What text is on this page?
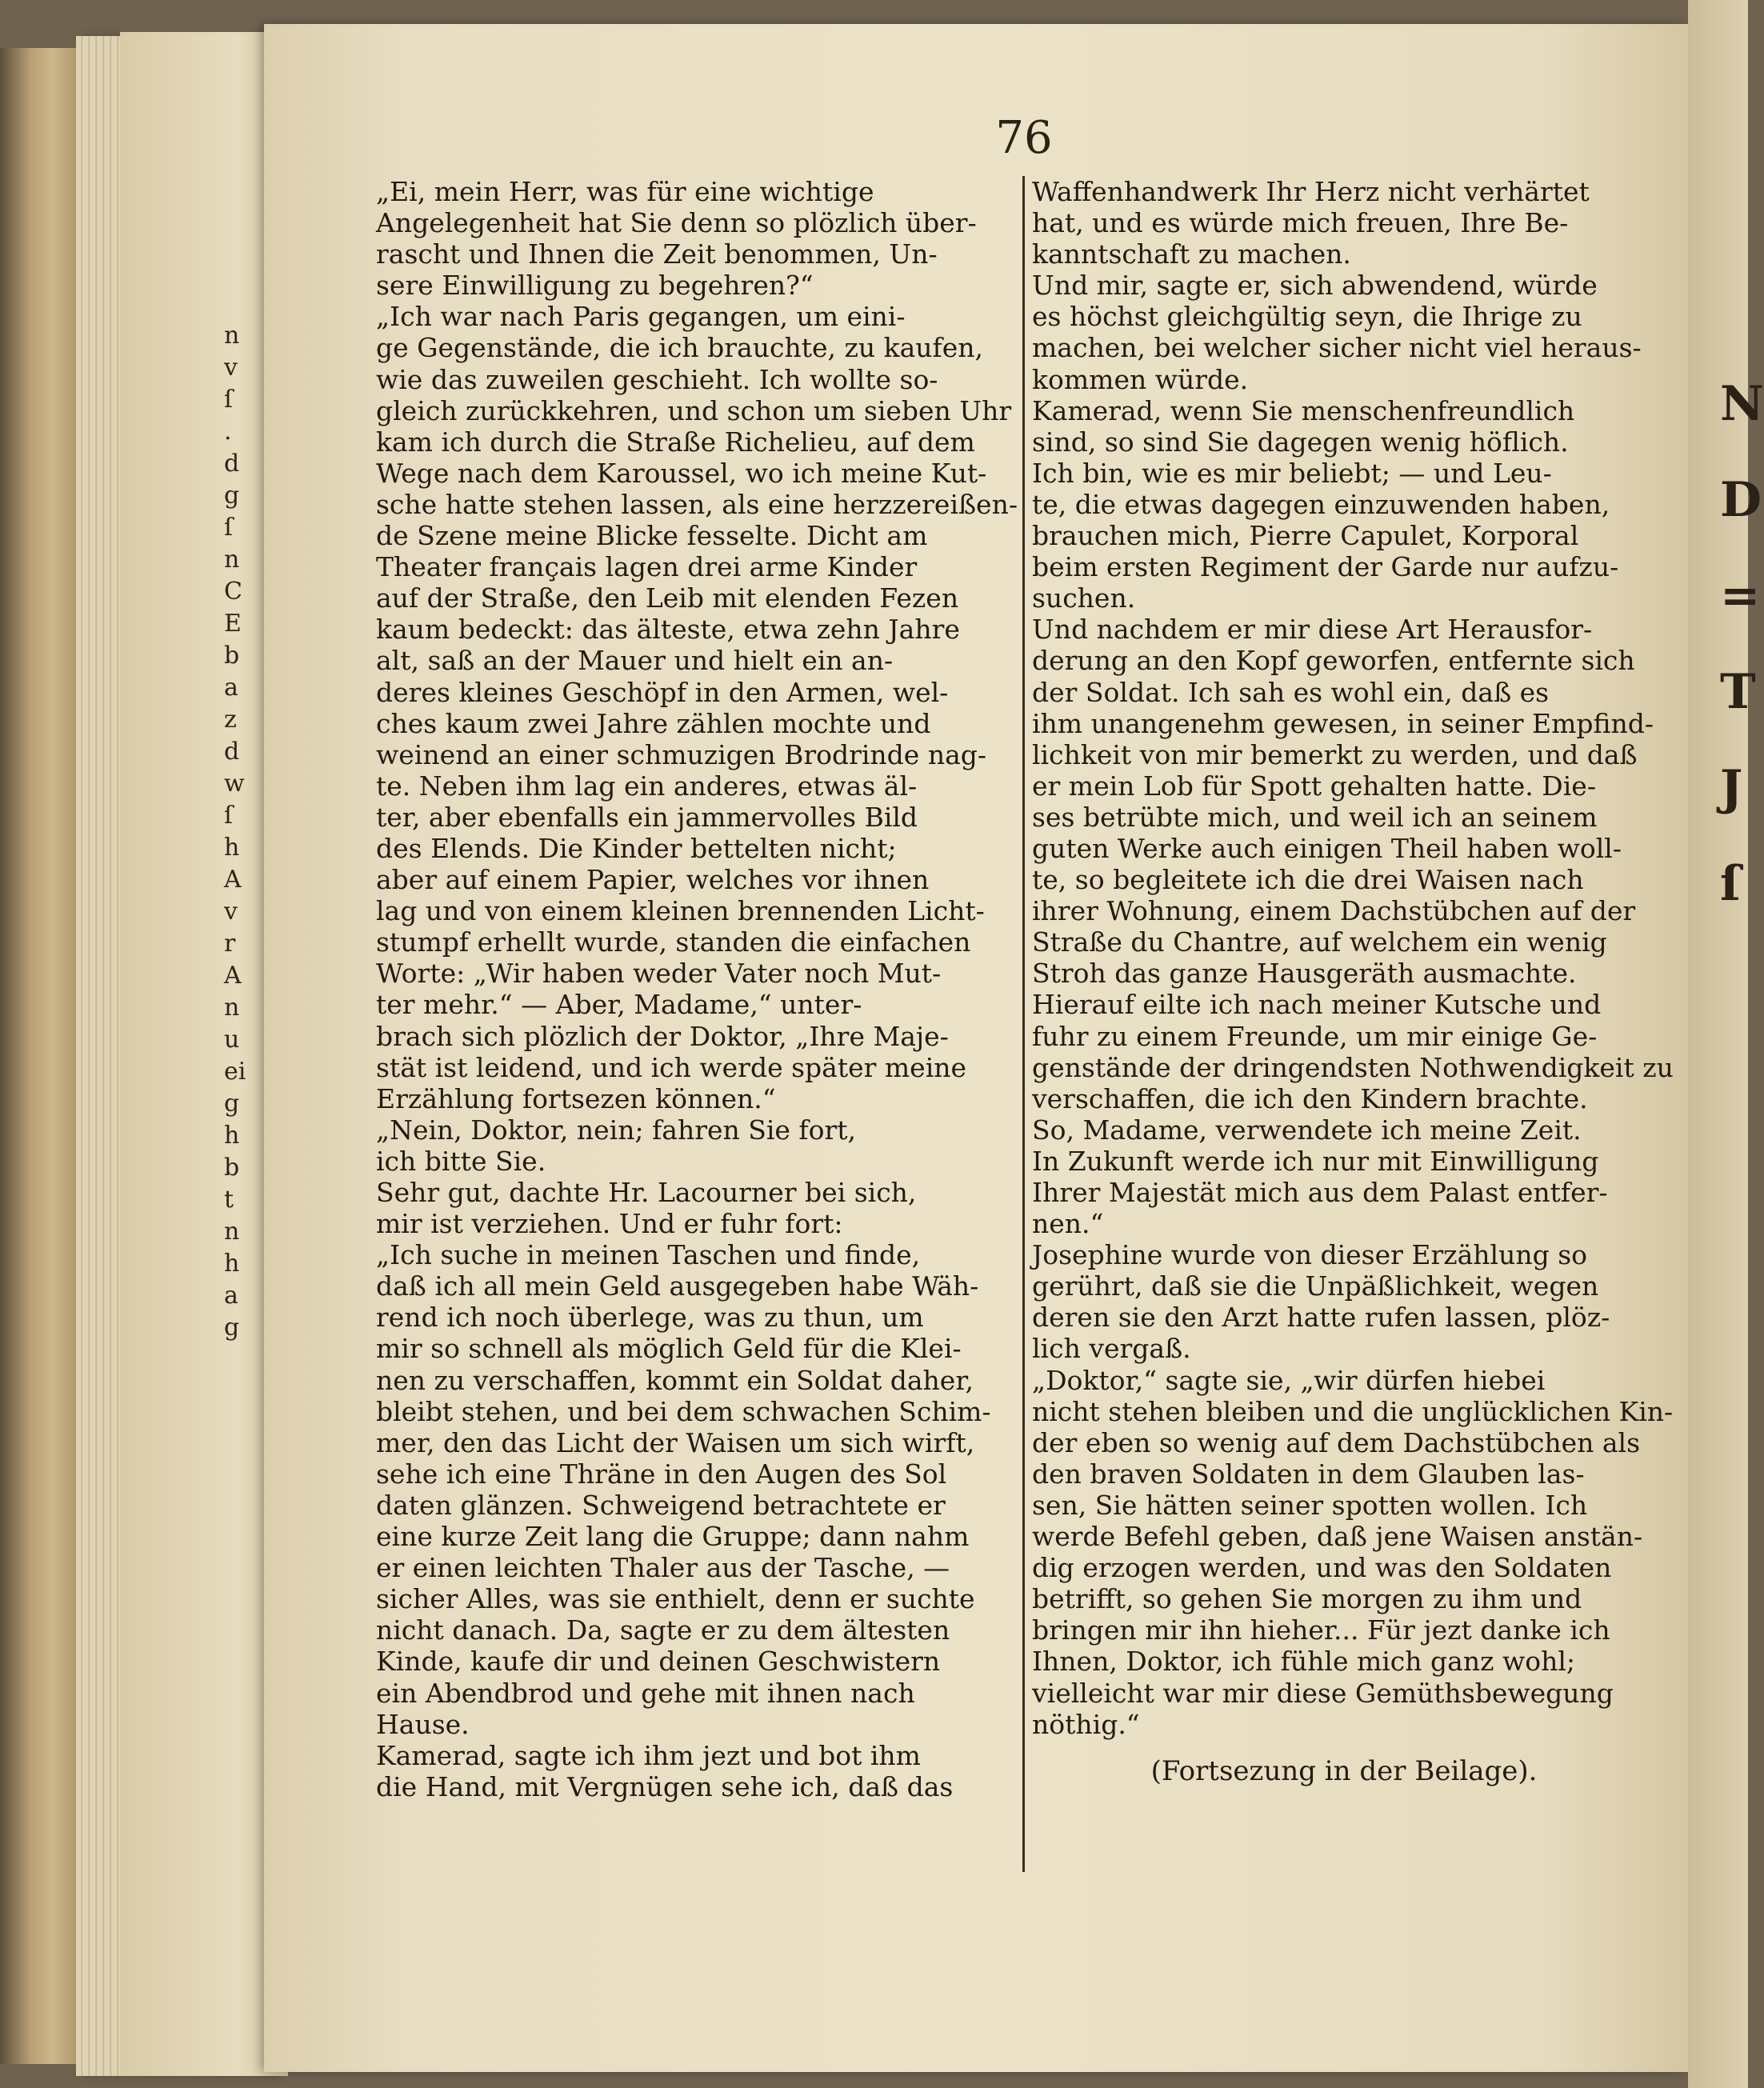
n
v
ſ
.
d
g
ſ
n
C
E
b
a
z
d
w
ſ
h
A
v
r
A
n
u
ei
g
h
b
t
n
h
a
g
N
D
=
T
J
ſ
76
„Ei, mein Herr, was für eine wichtige
Angelegenheit hat Sie denn so plözlich über-
rascht und Ihnen die Zeit benommen, Un-
sere Einwilligung zu begehren?“
„Ich war nach Paris gegangen, um eini-
ge Gegenstände, die ich brauchte, zu kaufen,
wie das zuweilen geschieht. Ich wollte so-
gleich zurückkehren, und schon um sieben Uhr
kam ich durch die Straße Richelieu, auf dem
Wege nach dem Karoussel, wo ich meine Kut-
sche hatte stehen lassen, als eine herzzereißen-
de Szene meine Blicke fesselte. Dicht am
Theater français lagen drei arme Kinder
auf der Straße, den Leib mit elenden Fezen
kaum bedeckt: das älteste, etwa zehn Jahre
alt, saß an der Mauer und hielt ein an-
deres kleines Geschöpf in den Armen, wel-
ches kaum zwei Jahre zählen mochte und
weinend an einer schmuzigen Brodrinde nag-
te. Neben ihm lag ein anderes, etwas äl-
ter, aber ebenfalls ein jammervolles Bild
des Elends. Die Kinder bettelten nicht;
aber auf einem Papier, welches vor ihnen
lag und von einem kleinen brennenden Licht-
stumpf erhellt wurde, standen die einfachen
Worte: „Wir haben weder Vater noch Mut-
ter mehr.“ — Aber, Madame,“ unter-
brach sich plözlich der Doktor, „Ihre Maje-
stät ist leidend, und ich werde später meine
Erzählung fortsezen können.“
„Nein, Doktor, nein; fahren Sie fort,
ich bitte Sie.
Sehr gut, dachte Hr. Lacourner bei sich,
mir ist verziehen. Und er fuhr fort:
„Ich suche in meinen Taschen und finde,
daß ich all mein Geld ausgegeben habe Wäh-
rend ich noch überlege, was zu thun, um
mir so schnell als möglich Geld für die Klei-
nen zu verschaffen, kommt ein Soldat daher,
bleibt stehen, und bei dem schwachen Schim-
mer, den das Licht der Waisen um sich wirft,
sehe ich eine Thräne in den Augen des Sol
daten glänzen. Schweigend betrachtete er
eine kurze Zeit lang die Gruppe; dann nahm
er einen leichten Thaler aus der Tasche, —
sicher Alles, was sie enthielt, denn er suchte
nicht danach. Da, sagte er zu dem ältesten
Kinde, kaufe dir und deinen Geschwistern
ein Abendbrod und gehe mit ihnen nach
Hause.
Kamerad, sagte ich ihm jezt und bot ihm
die Hand, mit Vergnügen sehe ich, daß das
Waffenhandwerk Ihr Herz nicht verhärtet
hat, und es würde mich freuen, Ihre Be-
kanntschaft zu machen.
Und mir, sagte er, sich abwendend, würde
es höchst gleichgültig seyn, die Ihrige zu
machen, bei welcher sicher nicht viel heraus-
kommen würde.
Kamerad, wenn Sie menschenfreundlich
sind, so sind Sie dagegen wenig höflich.
Ich bin, wie es mir beliebt; — und Leu-
te, die etwas dagegen einzuwenden haben,
brauchen mich, Pierre Capulet, Korporal
beim ersten Regiment der Garde nur aufzu-
suchen.
Und nachdem er mir diese Art Herausfor-
derung an den Kopf geworfen, entfernte sich
der Soldat. Ich sah es wohl ein, daß es
ihm unangenehm gewesen, in seiner Empfind-
lichkeit von mir bemerkt zu werden, und daß
er mein Lob für Spott gehalten hatte. Die-
ses betrübte mich, und weil ich an seinem
guten Werke auch einigen Theil haben woll-
te, so begleitete ich die drei Waisen nach
ihrer Wohnung, einem Dachstübchen auf der
Straße du Chantre, auf welchem ein wenig
Stroh das ganze Hausgeräth ausmachte.
Hierauf eilte ich nach meiner Kutsche und
fuhr zu einem Freunde, um mir einige Ge-
genstände der dringendsten Nothwendigkeit zu
verschaffen, die ich den Kindern brachte.
So, Madame, verwendete ich meine Zeit.
In Zukunft werde ich nur mit Einwilligung
Ihrer Majestät mich aus dem Palast entfer-
nen.“
Josephine wurde von dieser Erzählung so
gerührt, daß sie die Unpäßlichkeit, wegen
deren sie den Arzt hatte rufen lassen, plöz-
lich vergaß.
„Doktor,“ sagte sie, „wir dürfen hiebei
nicht stehen bleiben und die unglücklichen Kin-
der eben so wenig auf dem Dachstübchen als
den braven Soldaten in dem Glauben las-
sen, Sie hätten seiner spotten wollen. Ich
werde Befehl geben, daß jene Waisen anstän-
dig erzogen werden, und was den Soldaten
betrifft, so gehen Sie morgen zu ihm und
bringen mir ihn hieher... Für jezt danke ich
Ihnen, Doktor, ich fühle mich ganz wohl;
vielleicht war mir diese Gemüthsbewegung
nöthig.“
(Fortsezung in der Beilage).
